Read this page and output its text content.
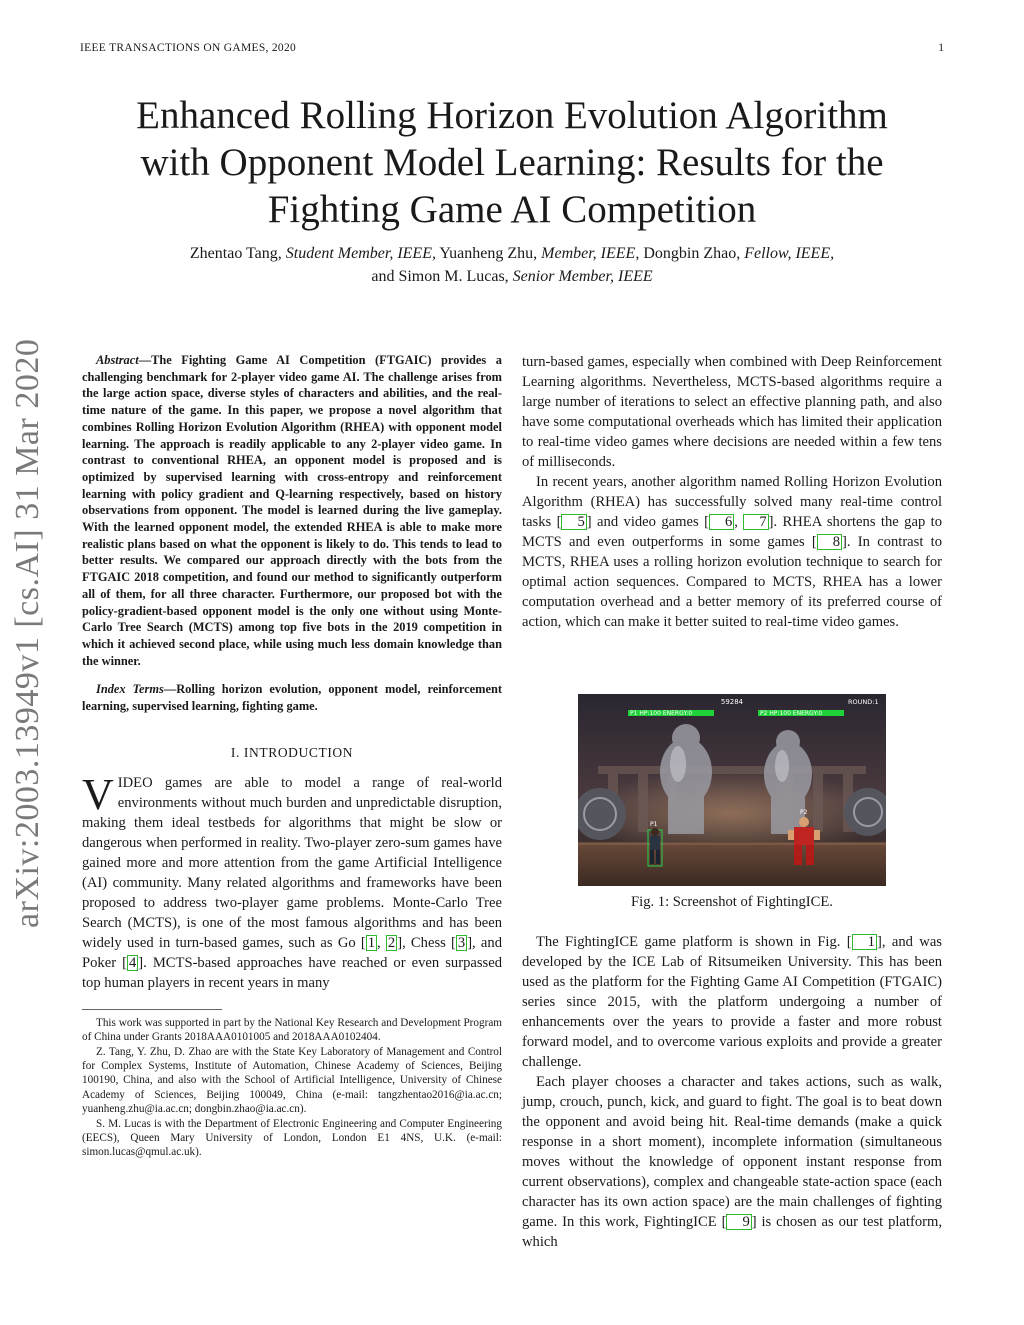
IEEE TRANSACTIONS ON GAMES, 2020	1
arXiv:2003.13949v1 [cs.AI] 31 Mar 2020
Enhanced Rolling Horizon Evolution Algorithm
with Opponent Model Learning: Results for the
Fighting Game AI Competition
Zhentao Tang, Student Member, IEEE, Yuanheng Zhu, Member, IEEE, Dongbin Zhao, Fellow, IEEE,
and Simon M. Lucas, Senior Member, IEEE

Abstract—The Fighting Game AI Competition (FTGAIC) provides a challenging benchmark for 2-player video game AI. The challenge arises from the large action space, diverse styles of characters and abilities, and the real-time nature of the game. In this paper, we propose a novel algorithm that combines Rolling Horizon Evolution Algorithm (RHEA) with opponent model learning. The approach is readily applicable to any 2-player video game. In contrast to conventional RHEA, an opponent model is proposed and is optimized by supervised learning with cross-entropy and reinforcement learning with policy gradient and Q-learning respectively, based on history observations from opponent. The model is learned during the live gameplay. With the learned opponent model, the extended RHEA is able to make more realistic plans based on what the opponent is likely to do. This tends to lead to better results. We compared our approach directly with the bots from the FTGAIC 2018 competition, and found our method to significantly outperform all of them, for all three character. Furthermore, our proposed bot with the policy-gradient-based opponent model is the only one without using Monte-Carlo Tree Search (MCTS) among top five bots in the 2019 competition in which it achieved second place, while using much less domain knowledge than the winner.

Index Terms—Rolling horizon evolution, opponent model, reinforcement learning, supervised learning, fighting game.

I. INTRODUCTION

VIDEO games are able to model a range of real-world environments without much burden and unpredictable disruption, making them ideal testbeds for algorithms that might be slow or dangerous when performed in reality. Two-player zero-sum games have gained more and more attention from the game Artificial Intelligence (AI) community. Many related algorithms and frameworks have been proposed to address two-player game problems. Monte-Carlo Tree Search (MCTS), is one of the most famous algorithms and has been widely used in turn-based games, such as Go [ 1 , 2 ], Chess [ 3 ], and Poker [ 4 ]. MCTS-based approaches have reached or even surpassed top human players in recent years in many

This work was supported in part by the National Key Research and Development Program of China under Grants 2018AAA0101005 and 2018AAA0102404.

Z. Tang, Y. Zhu, D. Zhao are with the State Key Laboratory of Management and Control for Complex Systems, Institute of Automation, Chinese Academy of Sciences, Beijing 100190, China, and also with the School of Artificial Intelligence, University of Chinese Academy of Sciences, Beijing 100049, China (e-mail: tangzhentao2016@ia.ac.cn; yuanheng.zhu@ia.ac.cn; dongbin.zhao@ia.ac.cn).

S. M. Lucas is with the Department of Electronic Engineering and Computer Engineering (EECS), Queen Mary University of London, London E1 4NS, U.K. (e-mail: simon.lucas@qmul.ac.uk).

turn-based games, especially when combined with Deep Reinforcement Learning algorithms. Nevertheless, MCTS-based algorithms require a large number of iterations to select an effective planning path, and also have some computational overheads which has limited their application to real-time video games where decisions are needed within a few tens of milliseconds.

In recent years, another algorithm named Rolling Horizon Evolution Algorithm (RHEA) has successfully solved many real-time control tasks [ 5 ] and video games [ 6 , 7 ]. RHEA shortens the gap to MCTS and even outperforms in some games [ 8 ]. In contrast to MCTS, RHEA uses a rolling horizon evolution technique to search for optimal action sequences. Compared to MCTS, RHEA has a lower computation overhead and a better memory of its preferred course of action, which can make it better suited to real-time video games.

59284	ROUND:1
P1 HP:100 ENERGY:0	P2 HP:100 ENERGY:0
P1
P2
Fig. 1: Screenshot of FightingICE.

The FightingICE game platform is shown in Fig. [ 1 ], and was developed by the ICE Lab of Ritsumeiken University. This has been used as the platform for the Fighting Game AI Competition (FTGAIC) series since 2015, with the platform undergoing a number of enhancements over the years to provide a faster and more robust forward model, and to overcome various exploits and provide a greater challenge.

Each player chooses a character and takes actions, such as walk, jump, crouch, punch, kick, and guard to fight. The goal is to beat down the opponent and avoid being hit. Real-time demands (make a quick response in a short moment), incomplete information (simultaneous moves without the knowledge of opponent instant response from current observations), complex and changeable state-action space (each character has its own action space) are the main challenges of fighting game. In this work, FightingICE [ 9 ] is chosen as our test platform, which
